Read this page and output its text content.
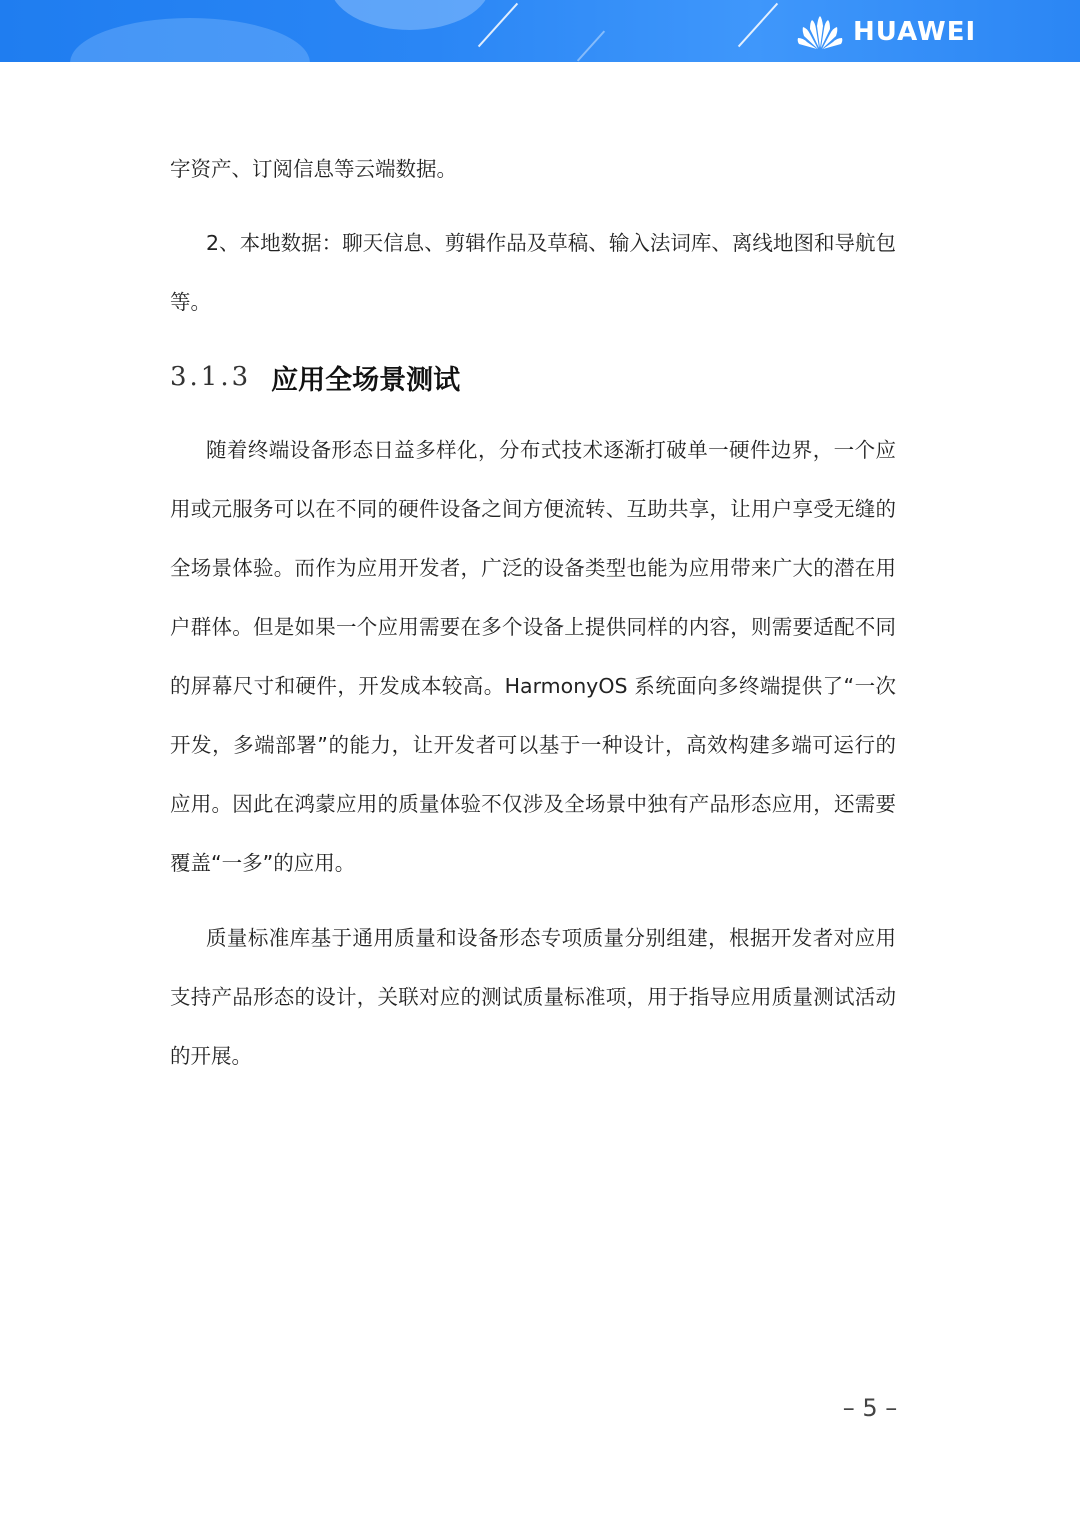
HUAWEI

字资产、订阅信息等云端数据。

2、本地数据：聊天信息、剪辑作品及草稿、输入法词库、离线地图和导航包等。

3.1.3 应用全场景测试

随着终端设备形态日益多样化，分布式技术逐渐打破单一硬件边界，一个应用或元服务可以在不同的硬件设备之间方便流转、互助共享，让用户享受无缝的全场景体验。而作为应用开发者，广泛的设备类型也能为应用带来广大的潜在用户群体。但是如果一个应用需要在多个设备上提供同样的内容，则需要适配不同的屏幕尺寸和硬件，开发成本较高。HarmonyOS 系统面向多终端提供了“一次开发，多端部署”的能力，让开发者可以基于一种设计，高效构建多端可运行的应用。因此在鸿蒙应用的质量体验不仅涉及全场景中独有产品形态应用，还需要覆盖“一多”的应用。

质量标准库基于通用质量和设备形态专项质量分别组建，根据开发者对应用支持产品形态的设计，关联对应的测试质量标准项，用于指导应用质量测试活动的开展。

– 5 –
